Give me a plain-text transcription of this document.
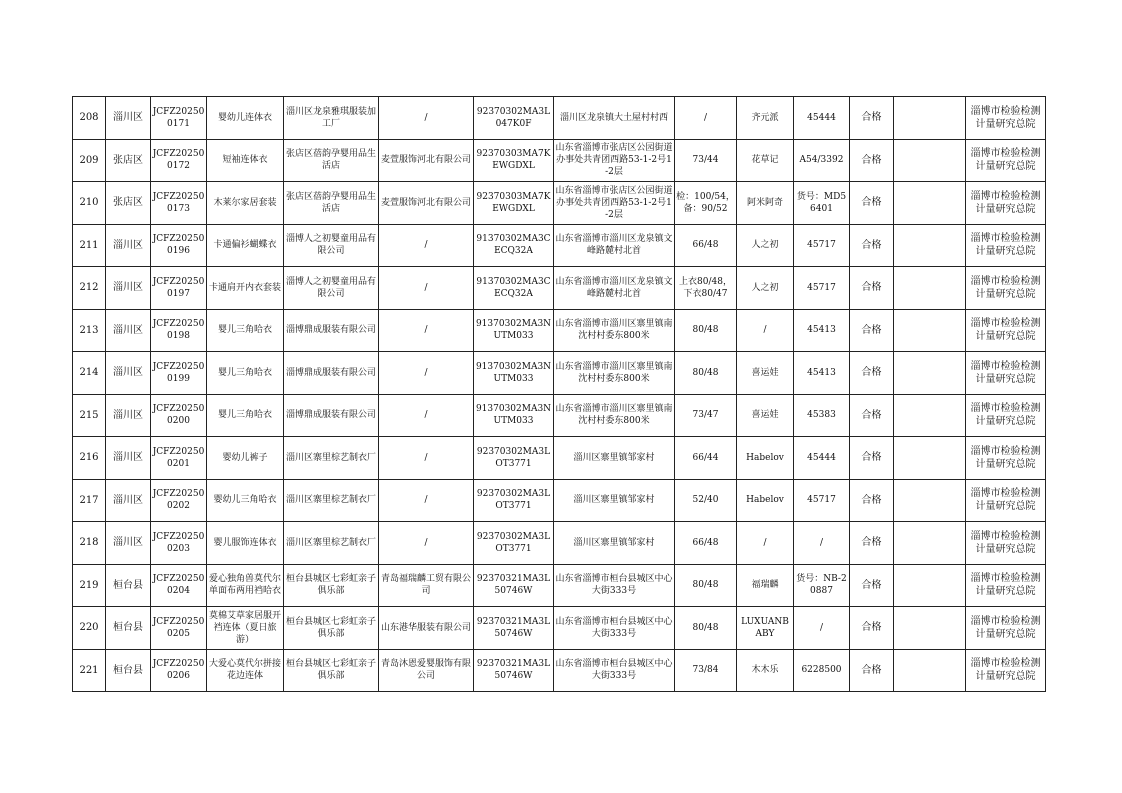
208	淄川区	JCFZ202500171	婴幼儿连体衣	淄川区龙泉雅琪服装加工厂	/	92370302MA3L047K0F	淄川区龙泉镇大土屋村村西	/	齐元派	45444	合格		淄博市检验检测计量研究总院
209	张店区	JCFZ202500172	短袖连体衣	张店区蓓韵孕婴用品生活店	麦萱服饰河北有限公司	92370303MA7KEWGDXL	山东省淄博市张店区公园街道办事处共青团西路53-1-2号1-2层	73/44	花草记	A54/3392	合格		淄博市检验检测计量研究总院
210	张店区	JCFZ202500173	木莱尔家居套装	张店区蓓韵孕婴用品生活店	麦萱服饰河北有限公司	92370303MA7KEWGDXL	山东省淄博市张店区公园街道办事处共青团西路53-1-2号1-2层	检：100/54，备：90/52	阿米阿奇	货号：MD56401	合格		淄博市检验检测计量研究总院
211	淄川区	JCFZ202500196	卡通偏衫蝴蝶衣	淄博人之初婴童用品有限公司	/	91370302MA3CECQ32A	山东省淄博市淄川区龙泉镇文峰路麓村北首	66/48	人之初	45717	合格		淄博市检验检测计量研究总院
212	淄川区	JCFZ202500197	卡通肩开内衣套装	淄博人之初婴童用品有限公司	/	91370302MA3CECQ32A	山东省淄博市淄川区龙泉镇文峰路麓村北首	上衣80/48，下衣80/47	人之初	45717	合格		淄博市检验检测计量研究总院
213	淄川区	JCFZ202500198	婴儿三角哈衣	淄博鼎成服装有限公司	/	91370302MA3NUTM033	山东省淄博市淄川区寨里镇南沈村村委东800米	80/48	/	45413	合格		淄博市检验检测计量研究总院
214	淄川区	JCFZ202500199	婴儿三角哈衣	淄博鼎成服装有限公司	/	91370302MA3NUTM033	山东省淄博市淄川区寨里镇南沈村村委东800米	80/48	喜运娃	45413	合格		淄博市检验检测计量研究总院
215	淄川区	JCFZ202500200	婴儿三角哈衣	淄博鼎成服装有限公司	/	91370302MA3NUTM033	山东省淄博市淄川区寨里镇南沈村村委东800米	73/47	喜运娃	45383	合格		淄博市检验检测计量研究总院
216	淄川区	JCFZ202500201	婴幼儿裤子	淄川区寨里棕艺制衣厂	/	92370302MA3LOT3771	淄川区寨里镇邹家村	66/44	Habelov	45444	合格		淄博市检验检测计量研究总院
217	淄川区	JCFZ202500202	婴幼儿三角哈衣	淄川区寨里棕艺制衣厂	/	92370302MA3LOT3771	淄川区寨里镇邹家村	52/40	Habelov	45717	合格		淄博市检验检测计量研究总院
218	淄川区	JCFZ202500203	婴儿服饰连体衣	淄川区寨里棕艺制衣厂	/	92370302MA3LOT3771	淄川区寨里镇邹家村	66/48	/	/	合格		淄博市检验检测计量研究总院
219	桓台县	JCFZ202500204	爱心独角兽莫代尔单面布两用裆哈衣	桓台县城区七彩虹亲子俱乐部	青岛福瑞麟工贸有限公司	92370321MA3L50746W	山东省淄博市桓台县城区中心大街333号	80/48	福瑞麟	货号：NB-20887	合格		淄博市检验检测计量研究总院
220	桓台县	JCFZ202500205	莫棉艾草家居服开裆连体（夏日旅游）	桓台县城区七彩虹亲子俱乐部	山东港华服装有限公司	92370321MA3L50746W	山东省淄博市桓台县城区中心大街333号	80/48	LUXUANBABY	/	合格		淄博市检验检测计量研究总院
221	桓台县	JCFZ202500206	大爱心莫代尔拼接花边连体	桓台县城区七彩虹亲子俱乐部	青岛沐恩爱婴服饰有限公司	92370321MA3L50746W	山东省淄博市桓台县城区中心大街333号	73/84	木木乐	6228500	合格		淄博市检验检测计量研究总院
